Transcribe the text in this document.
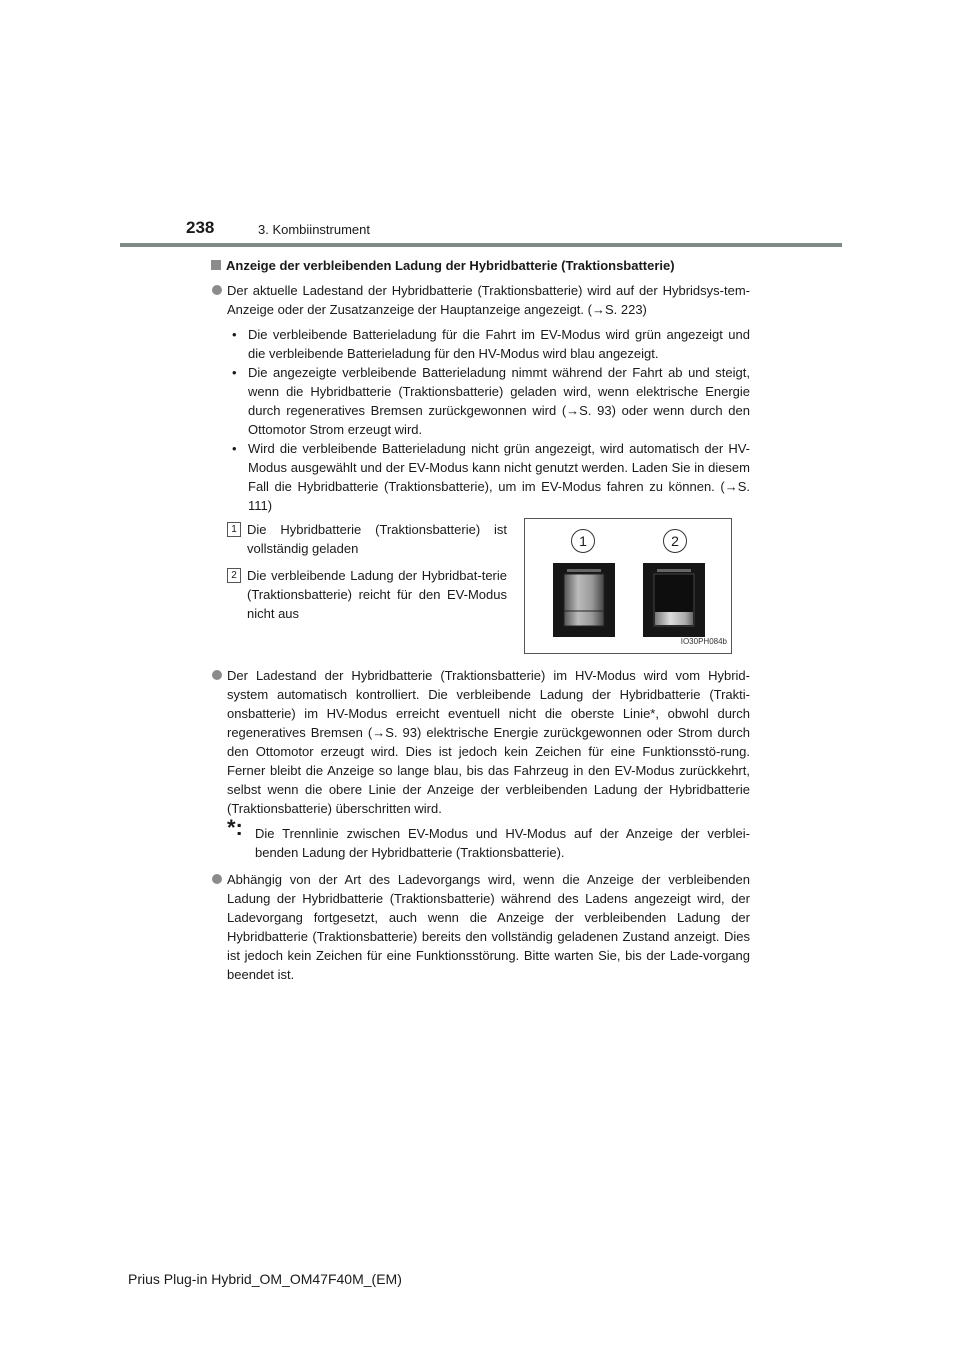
238	3. Kombiinstrument
Anzeige der verbleibenden Ladung der Hybridbatterie (Traktionsbatterie)
Der aktuelle Ladestand der Hybridbatterie (Traktionsbatterie) wird auf der Hybridsys-tem-Anzeige oder der Zusatzanzeige der Hauptanzeige angezeigt. (→S. 223)
• Die verbleibende Batterieladung für die Fahrt im EV-Modus wird grün angezeigt und die verbleibende Batterieladung für den HV-Modus wird blau angezeigt.
• Die angezeigte verbleibende Batterieladung nimmt während der Fahrt ab und steigt, wenn die Hybridbatterie (Traktionsbatterie) geladen wird, wenn elektrische Energie durch regeneratives Bremsen zurückgewonnen wird (→S. 93) oder wenn durch den Ottomotor Strom erzeugt wird.
• Wird die verbleibende Batterieladung nicht grün angezeigt, wird automatisch der HV-Modus ausgewählt und der EV-Modus kann nicht genutzt werden. Laden Sie in diesem Fall die Hybridbatterie (Traktionsbatterie), um im EV-Modus fahren zu können. (→S. 111)
1 Die Hybridbatterie (Traktionsbatterie) ist vollständig geladen
2 Die verbleibende Ladung der Hybridbat-terie (Traktionsbatterie) reicht für den EV-Modus nicht aus
1	2
IO30PH084b
Der Ladestand der Hybridbatterie (Traktionsbatterie) im HV-Modus wird vom Hybrid-system automatisch kontrolliert. Die verbleibende Ladung der Hybridbatterie (Trakti-onsbatterie) im HV-Modus erreicht eventuell nicht die oberste Linie*, obwohl durch regeneratives Bremsen (→S. 93) elektrische Energie zurückgewonnen oder Strom durch den Ottomotor erzeugt wird. Dies ist jedoch kein Zeichen für eine Funktionsstö-rung. Ferner bleibt die Anzeige so lange blau, bis das Fahrzeug in den EV-Modus zurückkehrt, selbst wenn die obere Linie der Anzeige der verbleibenden Ladung der Hybridbatterie (Traktionsbatterie) überschritten wird.
*: Die Trennlinie zwischen EV-Modus und HV-Modus auf der Anzeige der verblei-benden Ladung der Hybridbatterie (Traktionsbatterie).
Abhängig von der Art des Ladevorgangs wird, wenn die Anzeige der verbleibenden Ladung der Hybridbatterie (Traktionsbatterie) während des Ladens angezeigt wird, der Ladevorgang fortgesetzt, auch wenn die Anzeige der verbleibenden Ladung der Hybridbatterie (Traktionsbatterie) bereits den vollständig geladenen Zustand anzeigt. Dies ist jedoch kein Zeichen für eine Funktionsstörung. Bitte warten Sie, bis der Lade-vorgang beendet ist.
Prius Plug-in Hybrid_OM_OM47F40M_(EM)
